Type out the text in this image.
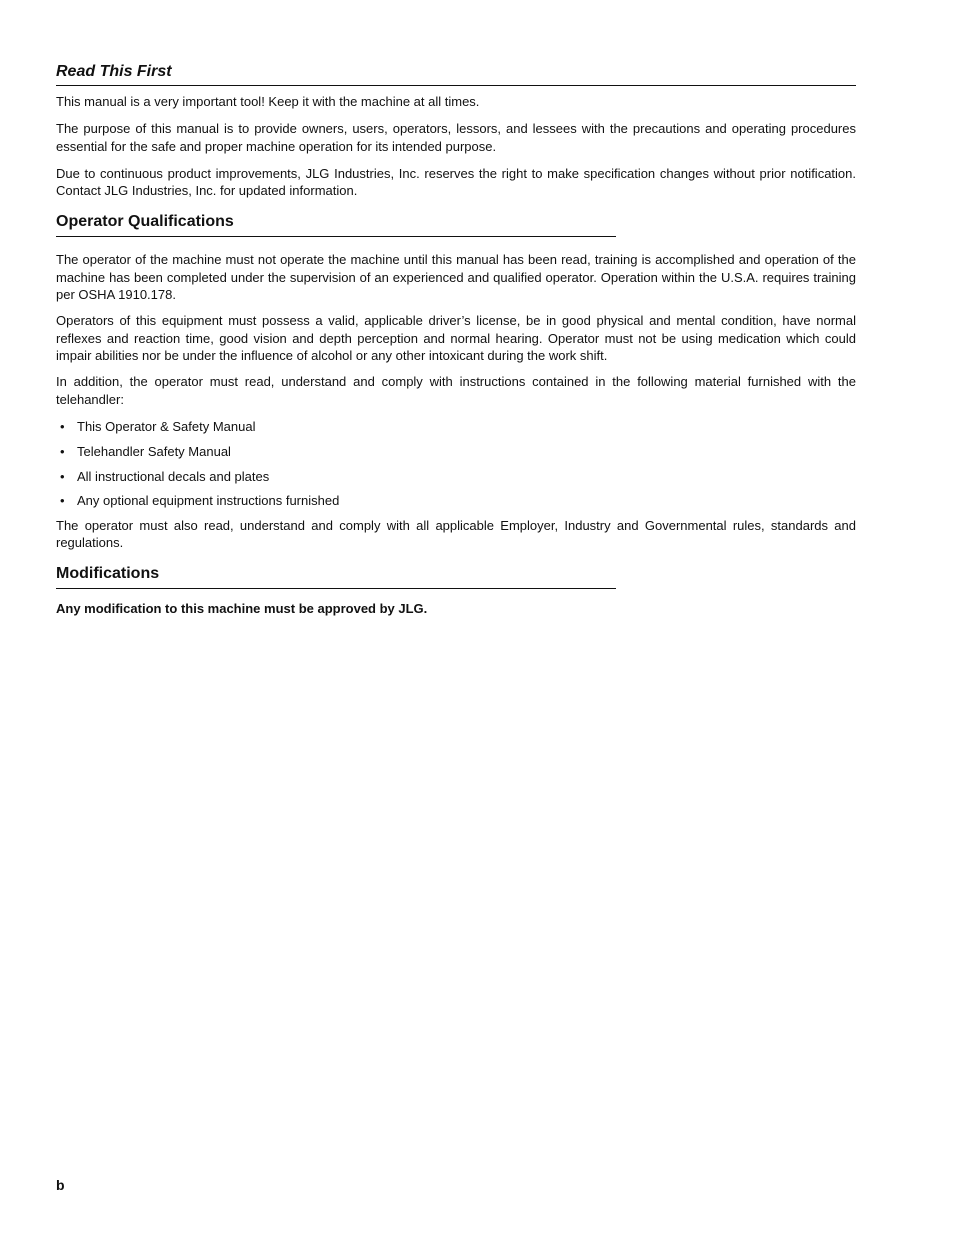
Read This First

This manual is a very important tool! Keep it with the machine at all times.

The purpose of this manual is to provide owners, users, operators, lessors, and lessees with the precautions and operating procedures essential for the safe and proper machine operation for its intended purpose.

Due to continuous product improvements, JLG Industries, Inc. reserves the right to make specification changes without prior notification. Contact JLG Industries, Inc. for updated information.

Operator Qualifications

The operator of the machine must not operate the machine until this manual has been read, training is accomplished and operation of the machine has been completed under the supervision of an experienced and qualified operator. Operation within the U.S.A. requires training per OSHA 1910.178.

Operators of this equipment must possess a valid, applicable driver’s license, be in good physical and mental condition, have normal reflexes and reaction time, good vision and depth perception and normal hearing. Operator must not be using medication which could impair abilities nor be under the influence of alcohol or any other intoxicant during the work shift.

In addition, the operator must read, understand and comply with instructions contained in the following material furnished with the telehandler:

• This Operator & Safety Manual
• Telehandler Safety Manual
• All instructional decals and plates
• Any optional equipment instructions furnished

The operator must also read, understand and comply with all applicable Employer, Industry and Governmental rules, standards and regulations.

Modifications

Any modification to this machine must be approved by JLG.

b
